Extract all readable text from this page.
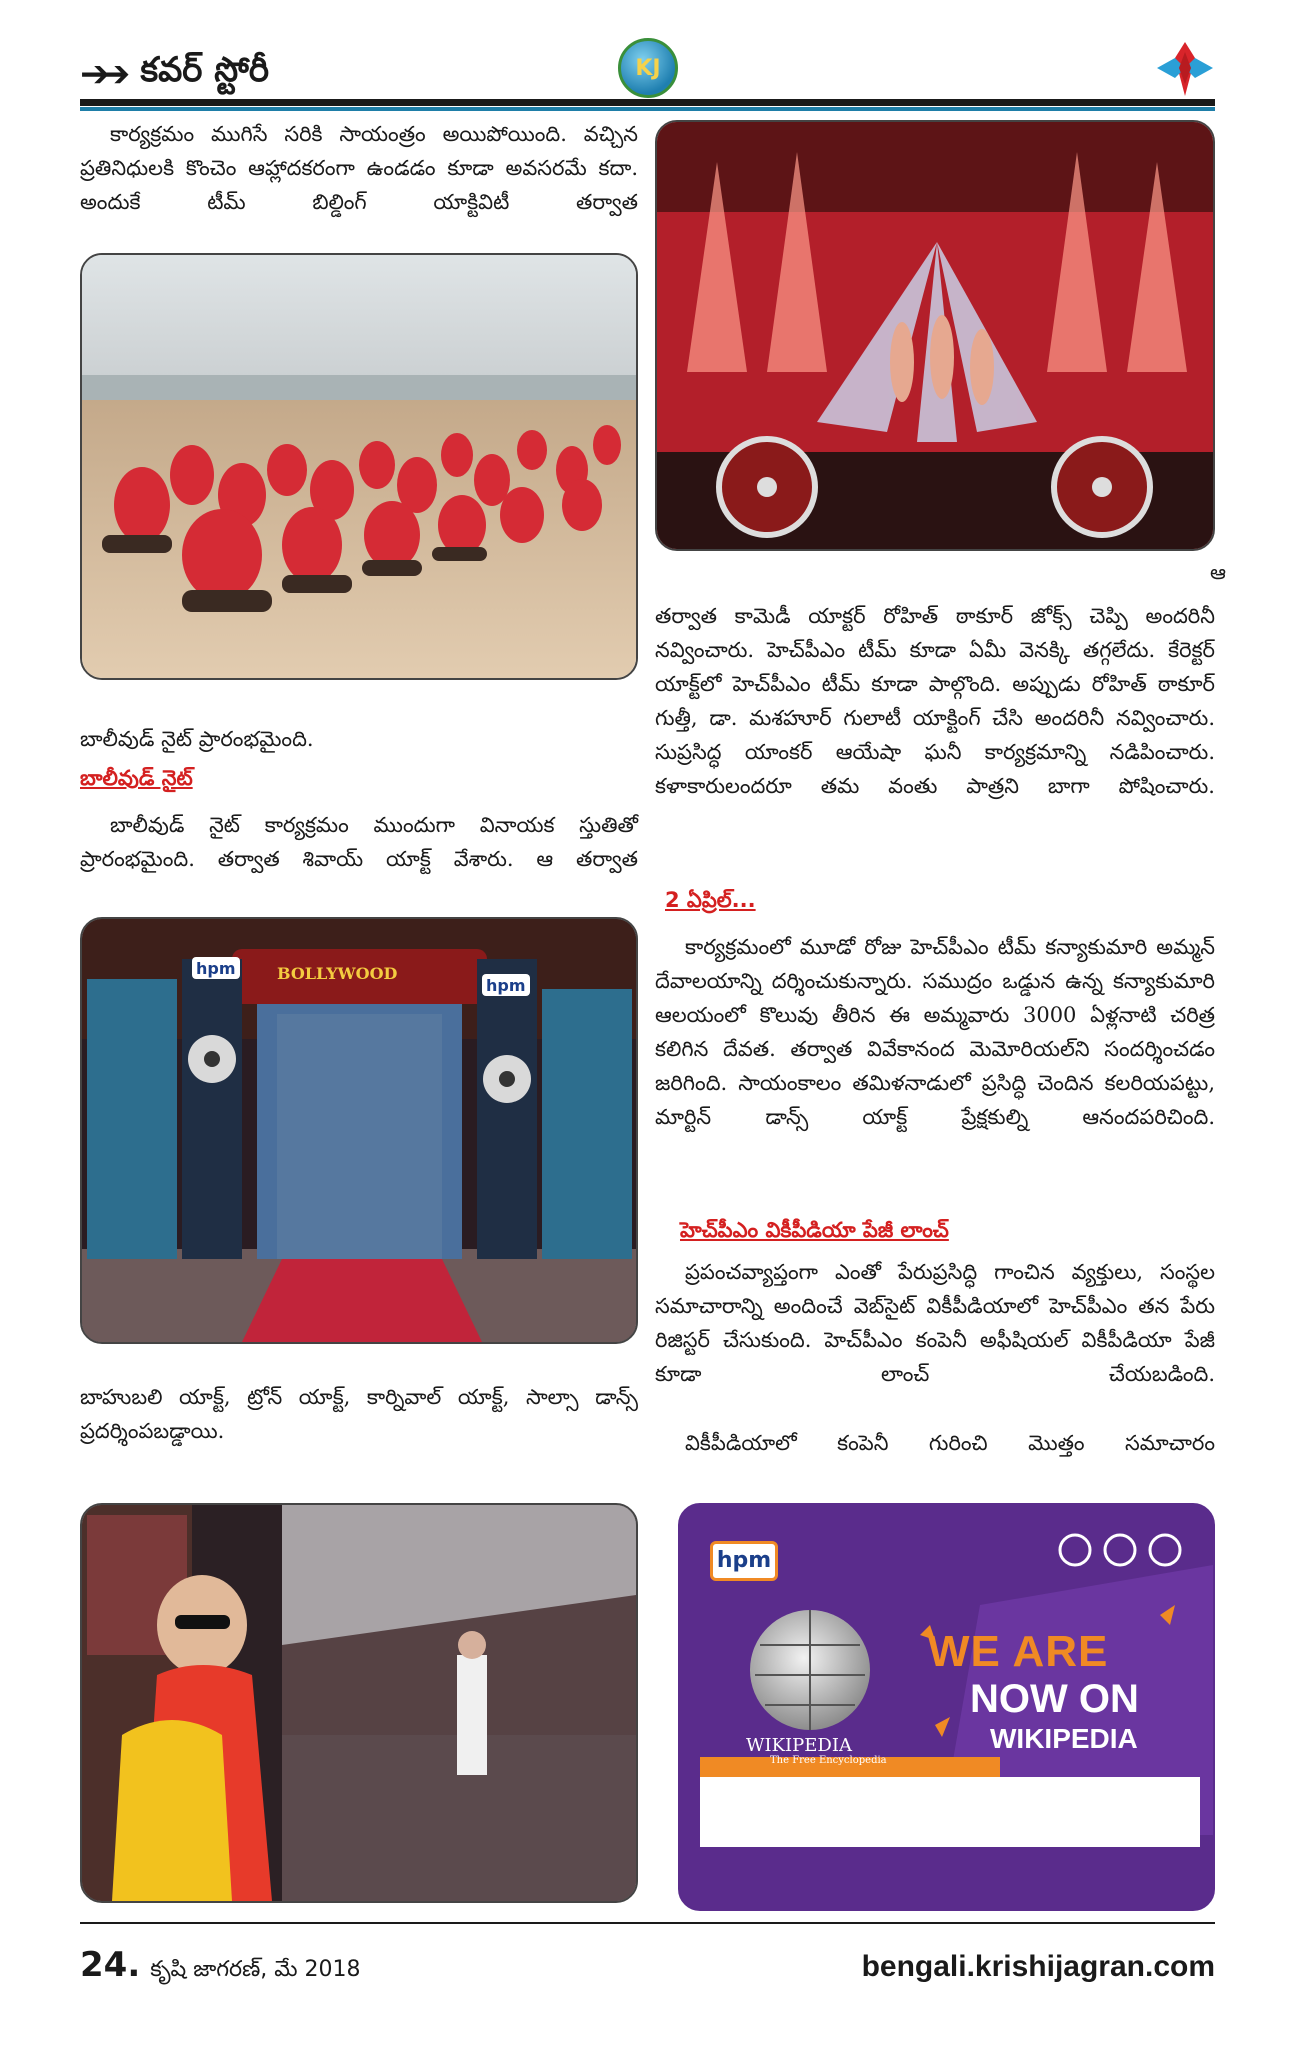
➔➔ కవర్ స్టోరీ	KJ
కార్యక్రమం ముగిసే సరికి సాయంత్రం అయిపోయింది. వచ్చిన ప్రతినిధులకి కొంచెం ఆహ్లాదకరంగా ఉండడం కూడా అవసరమే కదా. అందుకే టీమ్ బిల్డింగ్ యాక్టివిటీ తర్వాత
బాలీవుడ్ నైట్ ప్రారంభమైంది.
బాలీవుడ్ నైట్
బాలీవుడ్ నైట్ కార్యక్రమం ముందుగా వినాయక స్తుతితో ప్రారంభమైంది. తర్వాత శివాయ్ యాక్ట్ వేశారు. ఆ తర్వాత
hpm
hpm
BOLLYWOOD
బాహుబలి యాక్ట్, ట్రోన్ యాక్ట్, కార్నివాల్ యాక్ట్, సాల్సా డాన్స్ ప్రదర్శింపబడ్డాయి.
ఆ
తర్వాత కామెడీ యాక్టర్ రోహిత్ ఠాకూర్ జోక్స్ చెప్పి అందరినీ నవ్వించారు. హెచ్‌పీఎం టీమ్ కూడా ఏమీ వెనక్కి తగ్గలేదు. కేరెక్టర్ యాక్ట్‌లో హెచ్‌పీఎం టీమ్ కూడా పాల్గొంది. అప్పుడు రోహిత్ ఠాకూర్ గుత్తీ, డా. మశహూర్ గులాటీ యాక్టింగ్ చేసి అందరినీ నవ్వించారు. సుప్రసిద్ధ యాంకర్ ఆయేషా ఘనీ కార్యక్రమాన్ని నడిపించారు. కళాకారులందరూ తమ వంతు పాత్రని బాగా పోషించారు.
2 ఏప్రిల్...
కార్యక్రమంలో మూడో రోజు హెచ్‌పీఎం టీమ్ కన్యాకుమారి అమ్మన్ దేవాలయాన్ని దర్శించుకున్నారు. సముద్రం ఒడ్డున ఉన్న కన్యాకుమారి ఆలయంలో కొలువు తీరిన ఈ అమ్మవారు 3000 ఏళ్లనాటి చరిత్ర కలిగిన దేవత. తర్వాత వివేకానంద మెమోరియల్‌ని సందర్శించడం జరిగింది. సాయంకాలం తమిళనాడులో ప్రసిద్ధి చెందిన కలరియపట్టు, మార్టిన్ డాన్స్ యాక్ట్ ప్రేక్షకుల్ని ఆనందపరిచింది.
హెచ్‌పీఎం వికీపీడియా పేజీ లాంచ్
ప్రపంచవ్యాప్తంగా ఎంతో పేరుప్రసిద్ధి గాంచిన వ్యక్తులు, సంస్థల సమాచారాన్ని అందించే వెబ్‌సైట్ వికీపీడియాలో హెచ్‌పీఎం తన పేరు రిజిస్టర్ చేసుకుంది. హెచ్‌పీఎం కంపెనీ అఫీషియల్ వికీపీడియా పేజీ కూడా లాంచ్ చేయబడింది.
వికీపీడియాలో కంపెనీ గురించి మొత్తం సమాచారం
hpm
WIKIPEDIA
The Free Encyclopedia
WE ARE
NOW ON
WIKIPEDIA
24. కృషి జాగరణ్, మే 2018	bengali.krishijagran.com
